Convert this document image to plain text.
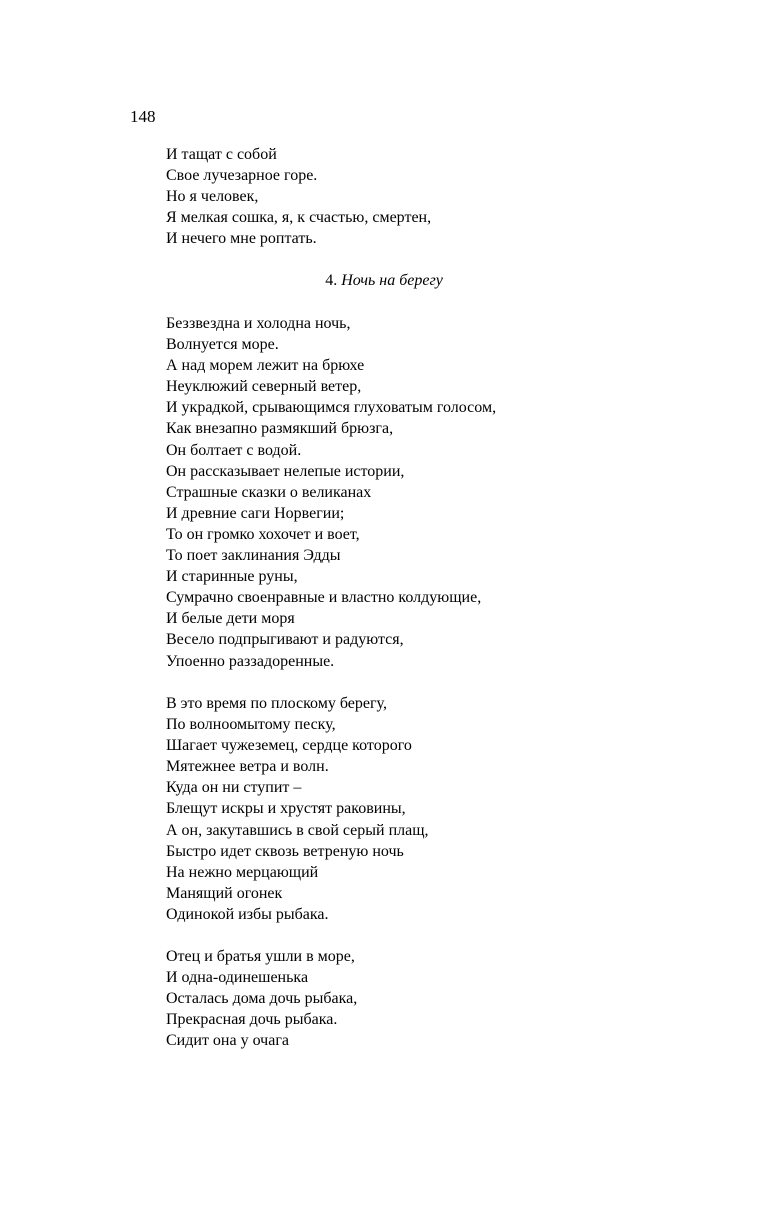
148
И тащат с собой
Свое лучезарное горе.
Но я человек,
Я мелкая сошка, я, к счастью, смертен,
И нечего мне роптать.
4. Ночь на берегу
Беззвездна и холодна ночь,
Волнуется море.
А над морем лежит на брюхе
Неуклюжий северный ветер,
И украдкой, срывающимся глуховатым голосом,
Как внезапно размякший брюзга,
Он болтает с водой.
Он рассказывает нелепые истории,
Страшные сказки о великанах
И древние саги Норвегии;
То он громко хохочет и воет,
То поет заклинания Эдды
И старинные руны,
Сумрачно своенравные и властно колдующие,
И белые дети моря
Весело подпрыгивают и радуются,
Упоенно раззадоренные.
В это время по плоскому берегу,
По волноомытому песку,
Шагает чужеземец, сердце которого
Мятежнее ветра и волн.
Куда он ни ступит –
Блещут искры и хрустят раковины,
А он, закутавшись в свой серый плащ,
Быстро идет сквозь ветреную ночь
На нежно мерцающий
Манящий огонек
Одинокой избы рыбака.
Отец и братья ушли в море,
И одна-одинешенька
Осталась дома дочь рыбака,
Прекрасная дочь рыбака.
Сидит она у очага
